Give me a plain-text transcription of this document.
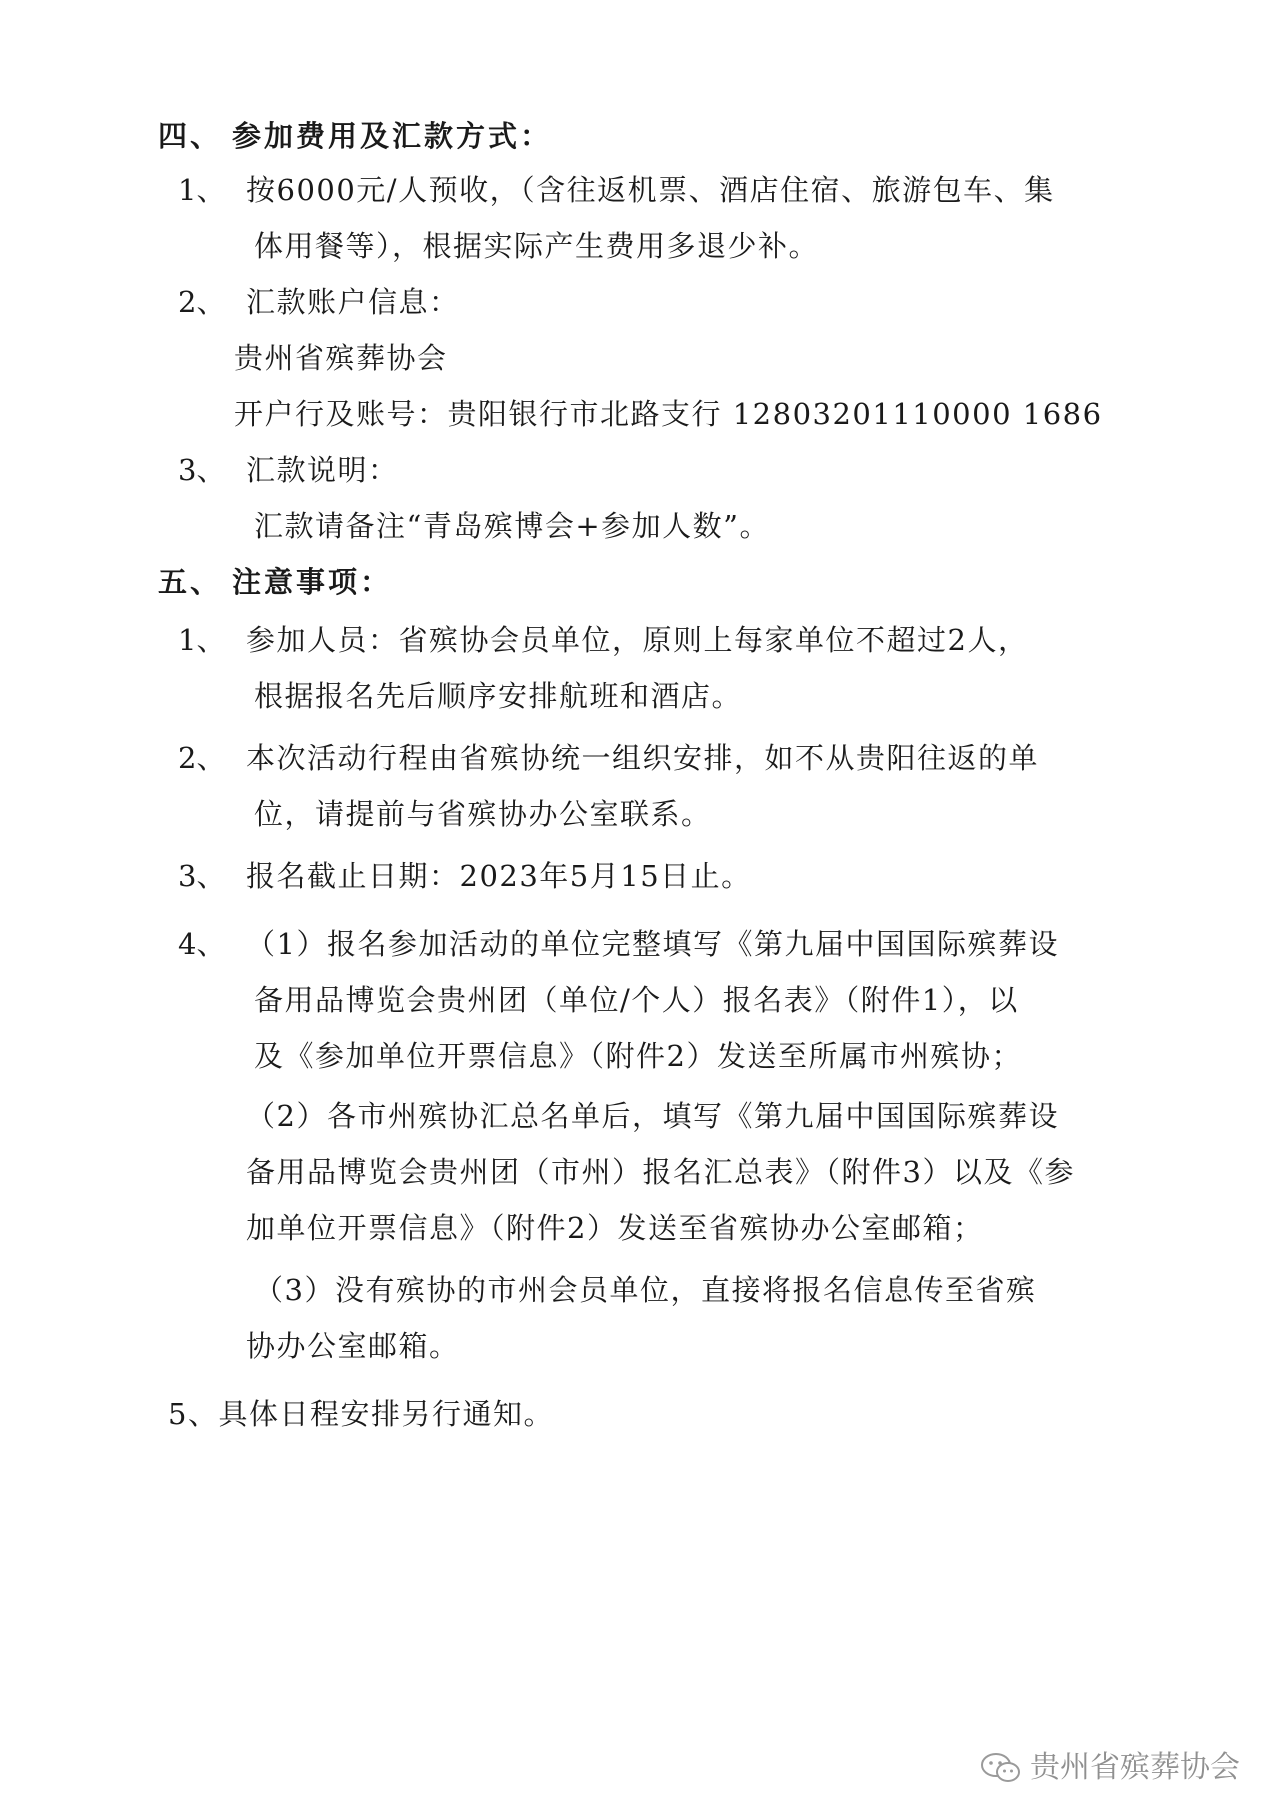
四、 参加费用及汇款方式：
1、 按6000元/人预收，（含往返机票、酒店住宿、旅游包车、集
体用餐等），根据实际产生费用多退少补。
2、 汇款账户信息：
贵州省殡葬协会
开户行及账号：贵阳银行市北路支行 12803201110000 1686
3、 汇款说明：
汇款请备注“青岛殡博会+参加人数”。
五、 注意事项：
1、 参加人员：省殡协会员单位，原则上每家单位不超过2人，
根据报名先后顺序安排航班和酒店。
2、 本次活动行程由省殡协统一组织安排，如不从贵阳往返的单
位，请提前与省殡协办公室联系。
3、 报名截止日期：2023年5月15日止。
4、 （1）报名参加活动的单位完整填写《第九届中国国际殡葬设
备用品博览会贵州团（单位/个人）报名表》（附件1），以
及《参加单位开票信息》（附件2）发送至所属市州殡协；
（2）各市州殡协汇总名单后，填写《第九届中国国际殡葬设
备用品博览会贵州团（市州）报名汇总表》（附件3）以及《参
加单位开票信息》（附件2）发送至省殡协办公室邮箱；
（3）没有殡协的市州会员单位，直接将报名信息传至省殡
协办公室邮箱。
5、具体日程安排另行通知。
贵州省殡葬协会
